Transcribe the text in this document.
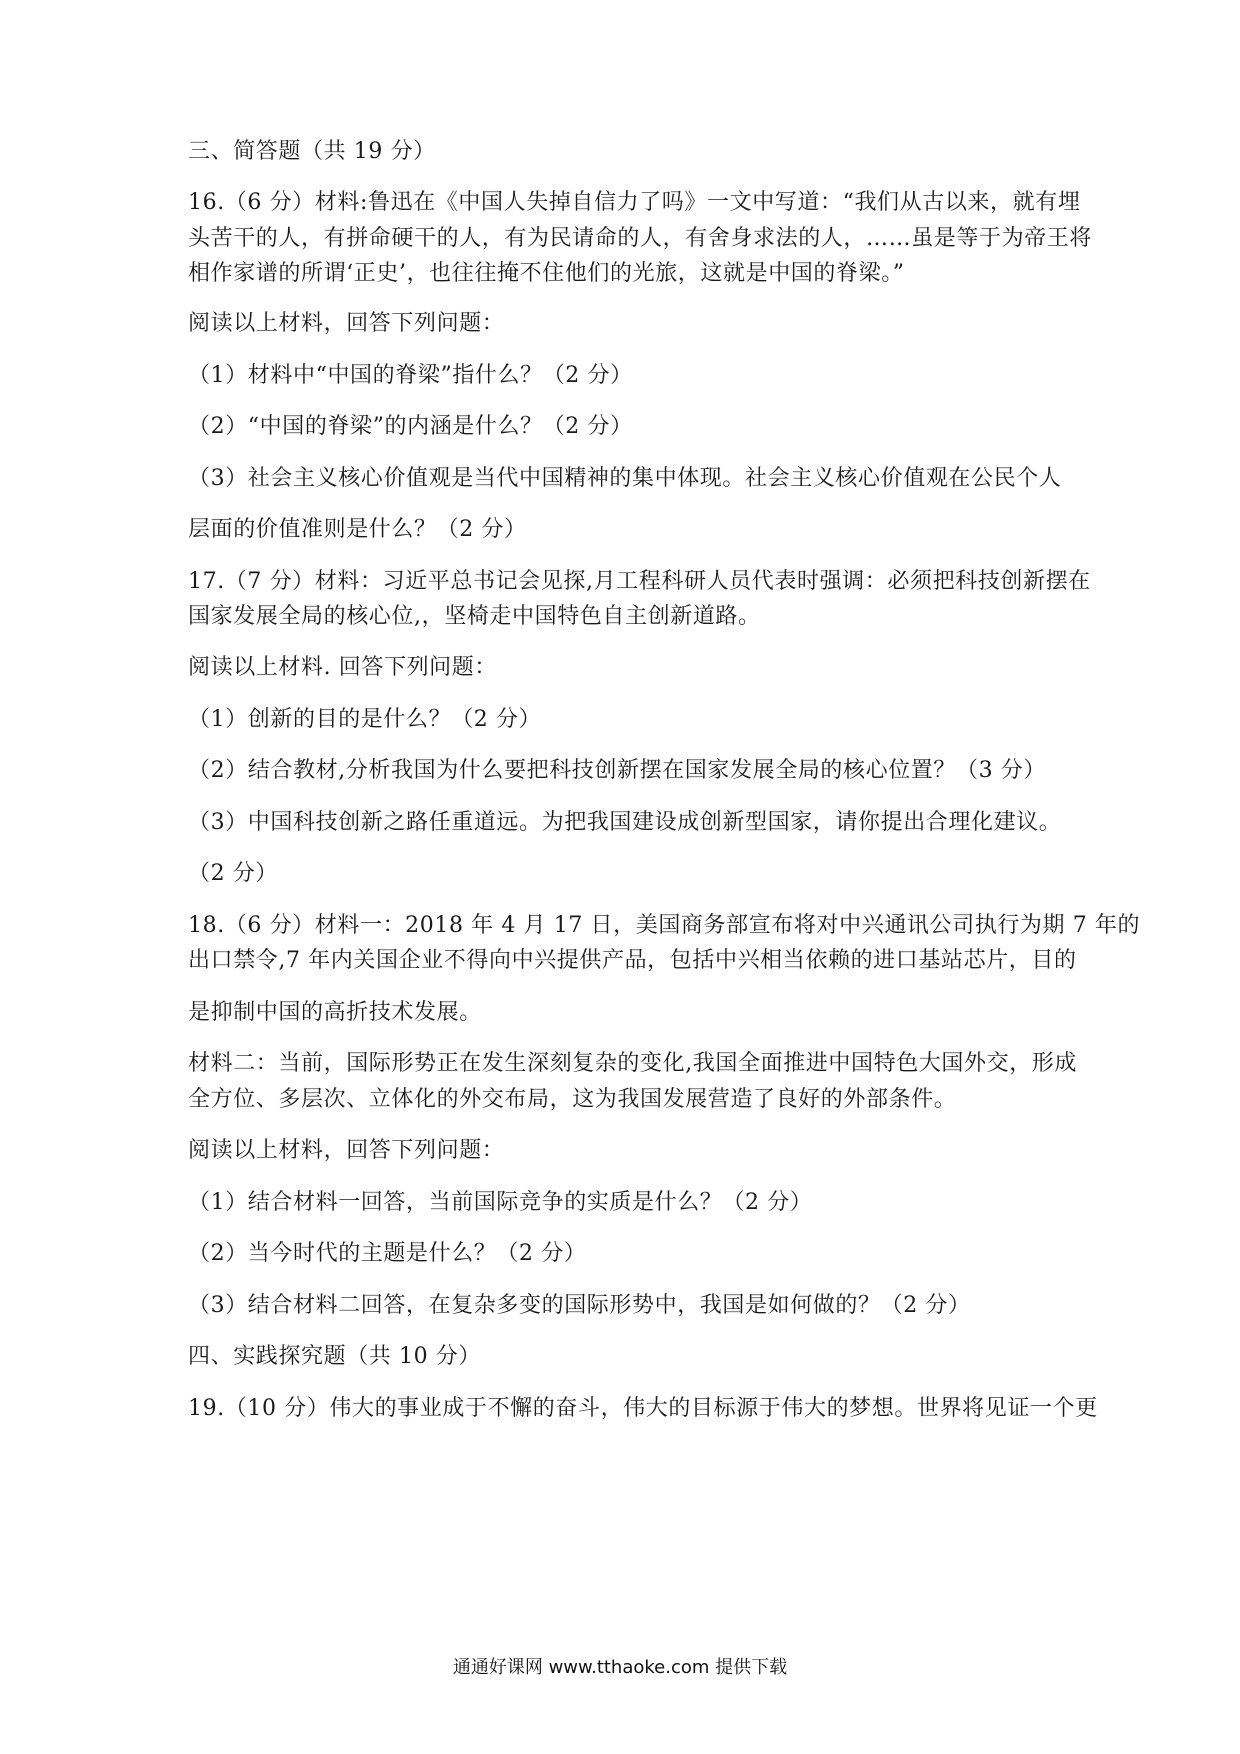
三、简答题（共 19 分）
16.（6 分）材料:鲁迅在《中国人失掉自信力了吗》一文中写道：“我们从古以来，就有埋
头苦干的人，有拼命硬干的人，有为民请命的人，有舍身求法的人，……虽是等于为帝王将
相作家谱的所谓‘正史’，也往往掩不住他们的光旅，这就是中国的脊梁。”
阅读以上材料，回答下列问题：
（1）材料中“中国的脊梁”指什么？（2 分）
（2）“中国的脊梁”的内涵是什么？（2 分）
（3）社会主义核心价值观是当代中国精神的集中体现。社会主义核心价值观在公民个人
层面的价值准则是什么？（2 分）
17.（7 分）材料：习近平总书记会见探,月工程科研人员代表时强调：必须把科技创新摆在
国家发展全局的核心位,，坚椅走中国特色自主创新道路。
阅读以上材料. 回答下列问题：
（1）创新的目的是什么？（2 分）
（2）结合教材,分析我国为什么要把科技创新摆在国家发展全局的核心位置？（3 分）
（3）中国科技创新之路任重道远。为把我国建设成创新型国家，请你提出合理化建议。
（2 分）
18.（6 分）材料一：2018 年 4 月 17 日，美国商务部宣布将对中兴通讯公司执行为期 7 年的
出口禁令,7 年内关国企业不得向中兴提供产品，包括中兴相当依赖的进口基站芯片，目的
是抑制中国的高折技术发展。
材料二：当前，国际形势正在发生深刻复杂的变化,我国全面推进中国特色大国外交，形成
全方位、多层次、立体化的外交布局，这为我国发展营造了良好的外部条件。
阅读以上材料，回答下列问题：
（1）结合材料一回答，当前国际竞争的实质是什么？（2 分）
（2）当今时代的主题是什么？（2 分）
（3）结合材料二回答，在复杂多变的国际形势中，我国是如何做的？（2 分）
四、实践探究题（共 10 分）
19.（10 分）伟大的事业成于不懈的奋斗，伟大的目标源于伟大的梦想。世界将见证一个更
通通好课网 www.tthaoke.com 提供下载
